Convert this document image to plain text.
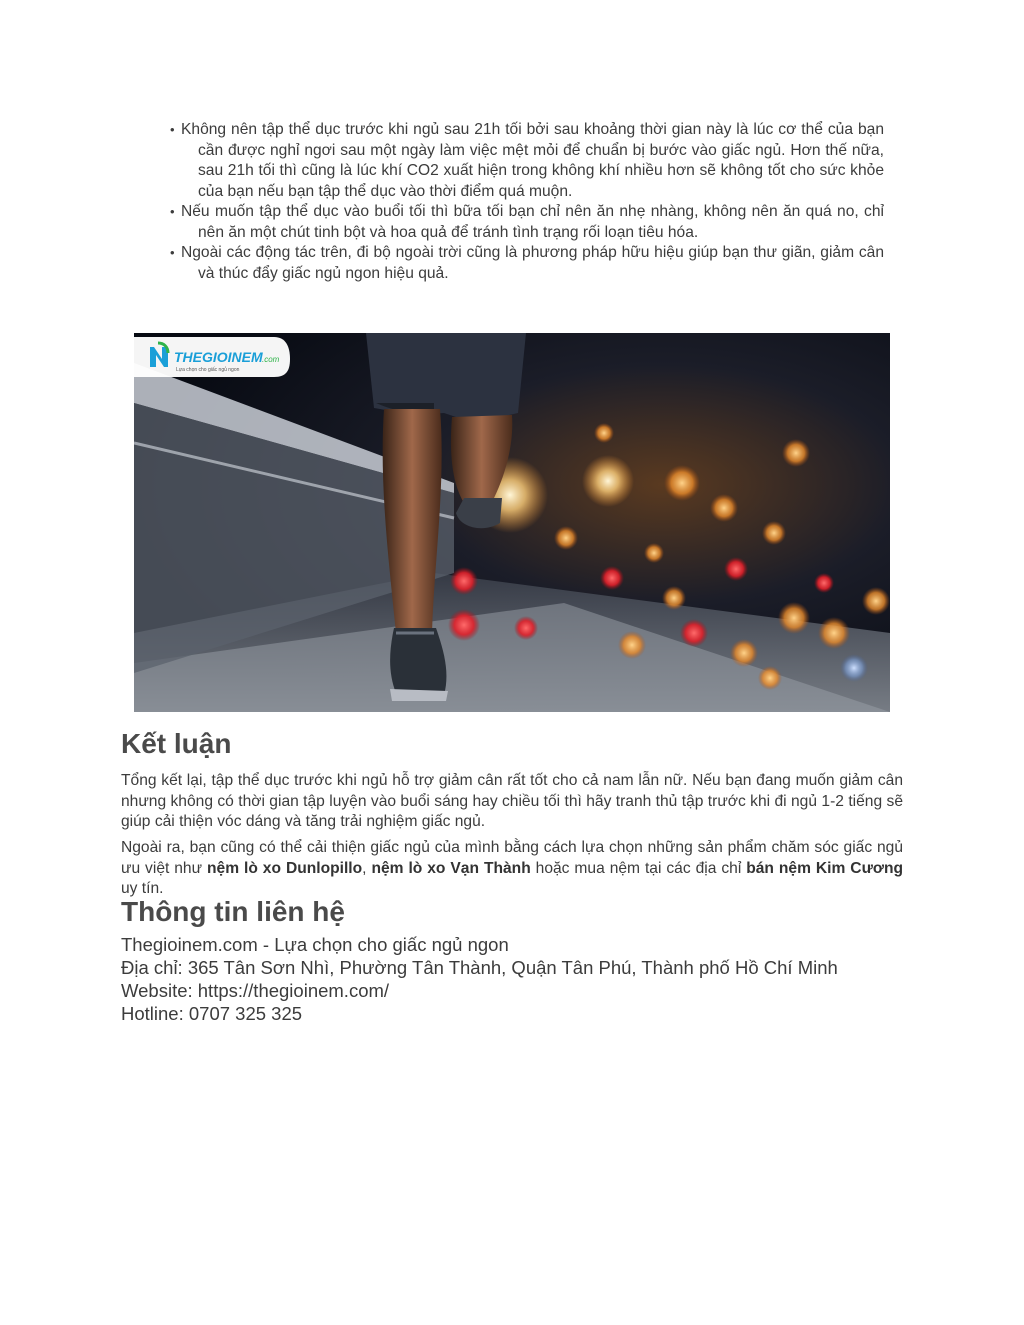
• Không nên tập thể dục trước khi ngủ sau 21h tối bởi sau khoảng thời gian này là lúc cơ thể của bạn cần được nghỉ ngơi sau một ngày làm việc mệt mỏi để chuẩn bị bước vào giấc ngủ. Hơn thế nữa, sau 21h tối thì cũng là lúc khí CO2 xuất hiện trong không khí nhiều hơn sẽ không tốt cho sức khỏe của bạn nếu bạn tập thể dục vào thời điểm quá muộn.
• Nếu muốn tập thể dục vào buổi tối thì bữa tối bạn chỉ nên ăn nhẹ nhàng, không nên ăn quá no, chỉ nên ăn một chút tinh bột và hoa quả để tránh tình trạng rối loạn tiêu hóa.
• Ngoài các động tác trên, đi bộ ngoài trời cũng là phương pháp hữu hiệu giúp bạn thư giãn, giảm cân và thúc đẩy giấc ngủ ngon hiệu quả.
THEGIOINEM .com
Lựa chọn cho giấc ngủ ngon
Kết luận

Tổng kết lại, tập thể dục trước khi ngủ hỗ trợ giảm cân rất tốt cho cả nam lẫn nữ. Nếu bạn đang muốn giảm cân nhưng không có thời gian tập luyện vào buổi sáng hay chiều tối thì hãy tranh thủ tập trước khi đi ngủ 1-2 tiếng sẽ giúp cải thiện vóc dáng và tăng trải nghiệm giấc ngủ.

Ngoài ra, bạn cũng có thể cải thiện giấc ngủ của mình bằng cách lựa chọn những sản phẩm chăm sóc giấc ngủ ưu việt như nệm lò xo Dunlopillo, nệm lò xo Vạn Thành hoặc mua nệm tại các địa chỉ bán nệm Kim Cương uy tín.

Thông tin liên hệ
Thegioinem.com - Lựa chọn cho giấc ngủ ngon
Địa chỉ: 365 Tân Sơn Nhì, Phường Tân Thành, Quận Tân Phú, Thành phố Hồ Chí Minh
Website: https://thegioinem.com/
Hotline: 0707 325 325
